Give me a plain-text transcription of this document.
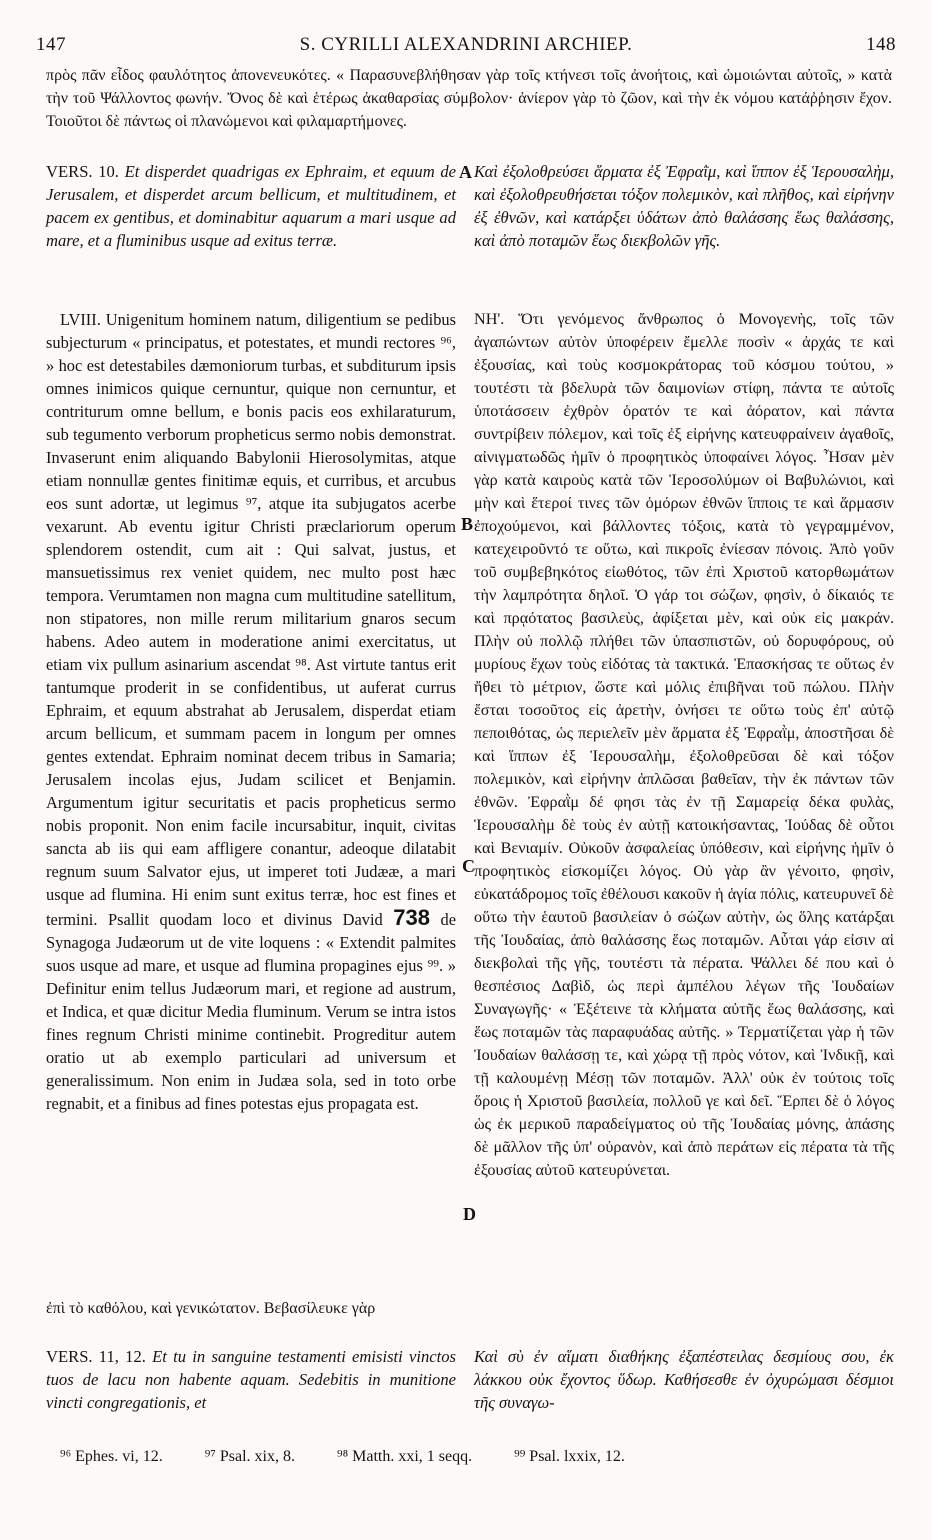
147	S. CYRILLI ALEXANDRINI ARCHIEP.	148

πρὸς πᾶν εἶδος φαυλότητος ἀπονενευκότες. « Παρασυνεβλήθησαν γὰρ τοῖς κτήνεσι τοῖς ἀνοήτοις, καὶ ὡμοιώνται αὐτοῖς, » κατὰ τὴν τοῦ Ψάλλοντος φωνήν. Ὄνος δὲ καὶ ἑτέρως ἀκαθαρσίας σύμβολον· ἀνίερον γὰρ τὸ ζῶον, καὶ τὴν ἐκ νόμου κατάῤῥησιν ἔχον. Τοιοῦτοι δὲ πάντως οἱ πλανώμενοι καὶ φιλαμαρτήμονες.

VERS. 10. Et disperdet quadrigas ex Ephraim, et equum de Jerusalem, et disperdet arcum bellicum, et multitudinem, et pacem ex gentibus, et dominabitur aquarum a mari usque ad mare, et a fluminibus usque ad exitus terræ.

Καὶ ἐξολοθρεύσει ἅρματα ἐξ Ἐφραῒμ, καὶ ἵππον ἐξ Ἱερουσαλὴμ, καὶ ἐξολοθρευθήσεται τόξον πολεμικὸν, καὶ πλῆθος, καὶ εἰρήνην ἐξ ἐθνῶν, καὶ κατάρξει ὑδάτων ἀπὸ θαλάσσης ἕως θαλάσσης, καὶ ἀπὸ ποταμῶν ἕως διεκβολῶν γῆς.

LVIII. Unigenitum hominem natum, diligentium se pedibus subjecturum « principatus, et potestates, et mundi rectores ⁹⁶, » hoc est detestabiles dæmoniorum turbas, et subditurum ipsis omnes inimicos quique cernuntur, quique non cernuntur, et contriturum omne bellum, e bonis pacis eos exhilaraturum, sub tegumento verborum propheticus sermo nobis demonstrat. Invaserunt enim aliquando Babylonii Hierosolymitas, atque etiam nonnullæ gentes finitimæ equis, et curribus, et arcubus eos sunt adortæ, ut legimus ⁹⁷, atque ita subjugatos acerbe vexarunt. Ab eventu igitur Christi præclariorum operum splendorem ostendit, cum ait : Qui salvat, justus, et mansuetissimus rex veniet quidem, nec multo post hæc tempora. Verumtamen non magna cum multitudine satellitum, non stipatores, non mille rerum militarium gnaros secum habens. Adeo autem in moderatione animi exercitatus, ut etiam vix pullum asinarium ascendat ⁹⁸. Ast virtute tantus erit tantumque proderit in se confidentibus, ut auferat currus Ephraim, et equum abstrahat ab Jerusalem, disperdat etiam arcum bellicum, et summam pacem in longum per omnes gentes extendat. Ephraim nominat decem tribus in Samaria; Jerusalem incolas ejus, Judam scilicet et Benjamin. Argumentum igitur securitatis et pacis propheticus sermo nobis proponit. Non enim facile incursabitur, inquit, civitas sancta ab iis qui eam affligere conantur, adeoque dilatabit regnum suum Salvator ejus, ut imperet toti Judææ, a mari usque ad flumina. Hi enim sunt exitus terræ, hoc est fines et termini. Psallit quodam loco et divinus David 738 de Synagoga Judæorum ut de vite loquens : « Extendit palmites suos usque ad mare, et usque ad flumina propagines ejus ⁹⁹. » Definitur enim tellus Judæorum mari, et regione ad austrum, et Indica, et quæ dicitur Media fluminum. Verum se intra istos fines regnum Christi minime continebit. Progreditur autem oratio ut ab exemplo particulari ad universum et generalissimum. Non enim in Judæa sola, sed in toto orbe regnabit, et a finibus ad fines potestas ejus propagata est.

ΝΗ'. Ὅτι γενόμενος ἄνθρωπος ὁ Μονογενὴς, τοῖς τῶν ἀγαπώντων αὐτὸν ὑποφέρειν ἔμελλε ποσὶν « ἀρχάς τε καὶ ἐξουσίας, καὶ τοὺς κοσμοκράτορας τοῦ κόσμου τούτου, » τουτέστι τὰ βδελυρὰ τῶν δαιμονίων στίφη, πάντα τε αὐτοῖς ὑποτάσσειν ἐχθρὸν ὁρατόν τε καὶ ἀόρατον, καὶ πάντα συντρίβειν πόλεμον, καὶ τοῖς ἐξ εἰρήνης κατευφραίνειν ἀγαθοῖς, αἰνιγματωδῶς ἡμῖν ὁ προφητικὸς ὑποφαίνει λόγος. Ἦσαν μὲν γὰρ κατὰ καιροὺς κατὰ τῶν Ἱεροσολύμων οἱ Βαβυλώνιοι, καὶ μὴν καὶ ἕτεροί τινες τῶν ὁμόρων ἐθνῶν ἵπποις τε καὶ ἅρμασιν ἐποχούμενοι, καὶ βάλλοντες τόξοις, κατὰ τὸ γεγραμμένον, κατεχειροῦντό τε οὕτω, καὶ πικροῖς ἐνίεσαν πόνοις. Ἀπὸ γοῦν τοῦ συμβεβηκότος εἰωθότος, τῶν ἐπὶ Χριστοῦ κατορθωμάτων τὴν λαμπρότητα δηλοῖ. Ὁ γάρ τοι σώζων, φησὶν, ὁ δίκαιός τε καὶ πρᾳότατος βασιλεὺς, ἀφίξεται μὲν, καὶ οὐκ εἰς μακράν. Πλὴν οὐ πολλῷ πλήθει τῶν ὑπασπιστῶν, οὐ δορυφόρους, οὐ μυρίους ἔχων τοὺς εἰδότας τὰ τακτικά. Ἐπασκήσας τε οὕτως ἐν ἤθει τὸ μέτριον, ὥστε καὶ μόλις ἐπιβῆναι τοῦ πώλου. Πλὴν ἔσται τοσοῦτος εἰς ἀρετὴν, ὀνήσει τε οὕτω τοὺς ἐπ' αὐτῷ πεποιθότας, ὡς περιελεῖν μὲν ἅρματα ἐξ Ἐφραῒμ, ἀποστῆσαι δὲ καὶ ἵππων ἐξ Ἱερουσαλὴμ, ἐξολοθρεῦσαι δὲ καὶ τόξον πολεμικὸν, καὶ εἰρήνην ἁπλῶσαι βαθεῖαν, τὴν ἐκ πάντων τῶν ἐθνῶν. Ἐφραῒμ δέ φησι τὰς ἐν τῇ Σαμαρείᾳ δέκα φυλὰς, Ἱερουσαλὴμ δὲ τοὺς ἐν αὐτῇ κατοικήσαντας, Ἰούδας δὲ οὗτοι καὶ Βενιαμίν. Οὐκοῦν ἀσφαλείας ὑπόθεσιν, καὶ εἰρήνης ἡμῖν ὁ προφητικὸς εἰσκομίζει λόγος. Οὐ γὰρ ἂν γένοιτο, φησὶν, εὐκατάδρομος τοῖς ἐθέλουσι κακοῦν ἡ ἁγία πόλις, κατευρυνεῖ δὲ οὕτω τὴν ἑαυτοῦ βασιλείαν ὁ σώζων αὐτὴν, ὡς ὅλης κατάρξαι τῆς Ἰουδαίας, ἀπὸ θαλάσσης ἕως ποταμῶν. Αὗται γάρ εἰσιν αἱ διεκβολαὶ τῆς γῆς, τουτέστι τὰ πέρατα. Ψάλλει δέ που καὶ ὁ θεσπέσιος Δαβὶδ, ὡς περὶ ἀμπέλου λέγων τῆς Ἰουδαίων Συναγωγῆς· « Ἐξέτεινε τὰ κλήματα αὐτῆς ἕως θαλάσσης, καὶ ἕως ποταμῶν τὰς παραφυάδας αὐτῆς. » Τερματίζεται γὰρ ἡ τῶν Ἰουδαίων θαλάσσῃ τε, καὶ χώρᾳ τῇ πρὸς νότον, καὶ Ἰνδικῇ, καὶ τῇ καλουμένῃ Μέσῃ τῶν ποταμῶν. Ἀλλ' οὐκ ἐν τούτοις τοῖς ὅροις ἡ Χριστοῦ βασιλεία, πολλοῦ γε καὶ δεῖ. Ἕρπει δὲ ὁ λόγος ὡς ἐκ μερικοῦ παραδείγματος οὐ τῆς Ἰουδαίας μόνης, ἁπάσης δὲ μᾶλλον τῆς ὑπ' οὐρανὸν, καὶ ἀπὸ περάτων εἰς πέρατα τὰ τῆς ἐξουσίας αὐτοῦ κατευρύνεται.

ἐπὶ τὸ καθόλου, καὶ γενικώτατον. Βεβασίλευκε γὰρ

VERS. 11, 12. Et tu in sanguine testamenti emisisti vinctos tuos de lacu non habente aquam. Sedebitis in munitione vincti congregationis, et

Καὶ σὺ ἐν αἵματι διαθήκης ἐξαπέστειλας δεσμίους σου, ἐκ λάκκου οὐκ ἔχοντος ὕδωρ. Καθήσεσθε ἐν ὀχυρώμασι δέσμιοι τῆς συναγω-

A
B
C
D
⁹⁶ Ephes. vi, 12.	⁹⁷ Psal. xix, 8.	⁹⁸ Matth. xxi, 1 seqq.	⁹⁹ Psal. lxxix, 12.
